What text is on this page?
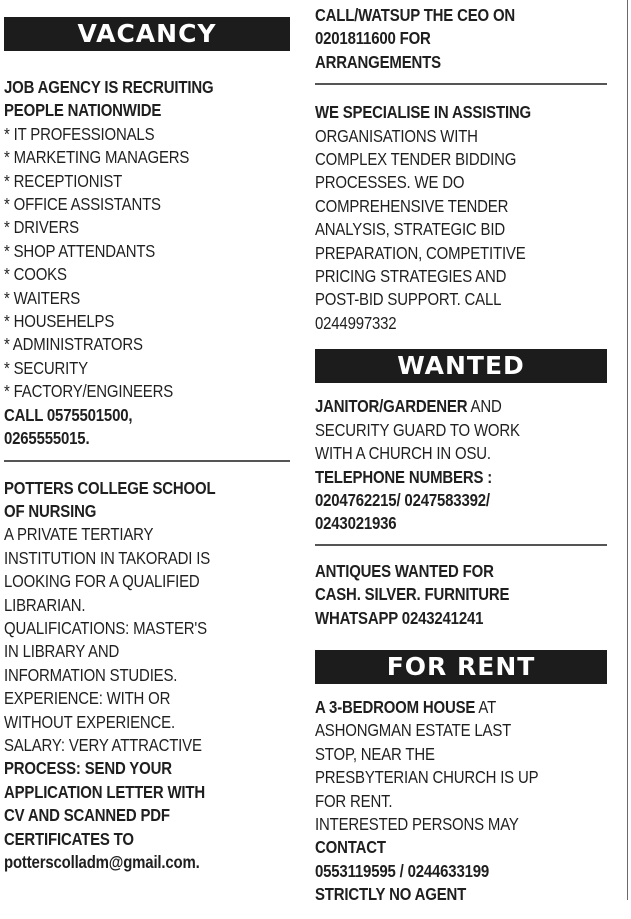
VACANCY
JOB AGENCY IS RECRUITING
PEOPLE NATIONWIDE
* IT PROFESSIONALS
* MARKETING MANAGERS
* RECEPTIONIST
* OFFICE ASSISTANTS
* DRIVERS
* SHOP ATTENDANTS
* COOKS
* WAITERS
* HOUSEHELPS
* ADMINISTRATORS
* SECURITY
* FACTORY/ENGINEERS
CALL 0575501500,
0265555015.
POTTERS COLLEGE SCHOOL
OF NURSING
A PRIVATE TERTIARY
INSTITUTION IN TAKORADI IS
LOOKING FOR A QUALIFIED
LIBRARIAN.
QUALIFICATIONS: MASTER'S
IN LIBRARY AND
INFORMATION STUDIES.
EXPERIENCE: WITH OR
WITHOUT EXPERIENCE.
SALARY: VERY ATTRACTIVE
PROCESS: SEND YOUR
APPLICATION LETTER WITH
CV AND SCANNED PDF
CERTIFICATES TO
potterscolladm@gmail.com.
CALL/WATSUP THE CEO ON
0201811600 FOR
ARRANGEMENTS
WE SPECIALISE IN ASSISTING
ORGANISATIONS WITH
COMPLEX TENDER BIDDING
PROCESSES. WE DO
COMPREHENSIVE TENDER
ANALYSIS, STRATEGIC BID
PREPARATION, COMPETITIVE
PRICING STRATEGIES AND
POST-BID SUPPORT. CALL
0244997332
WANTED
JANITOR/GARDENER AND
SECURITY GUARD TO WORK
WITH A CHURCH IN OSU.
TELEPHONE NUMBERS :
0204762215/ 0247583392/
0243021936
ANTIQUES WANTED FOR
CASH. SILVER. FURNITURE
WHATSAPP 0243241241
FOR RENT
A 3-BEDROOM HOUSE AT
ASHONGMAN ESTATE LAST
STOP, NEAR THE
PRESBYTERIAN CHURCH IS UP
FOR RENT.
INTERESTED PERSONS MAY
CONTACT
0553119595 / 0244633199
STRICTLY NO AGENT
